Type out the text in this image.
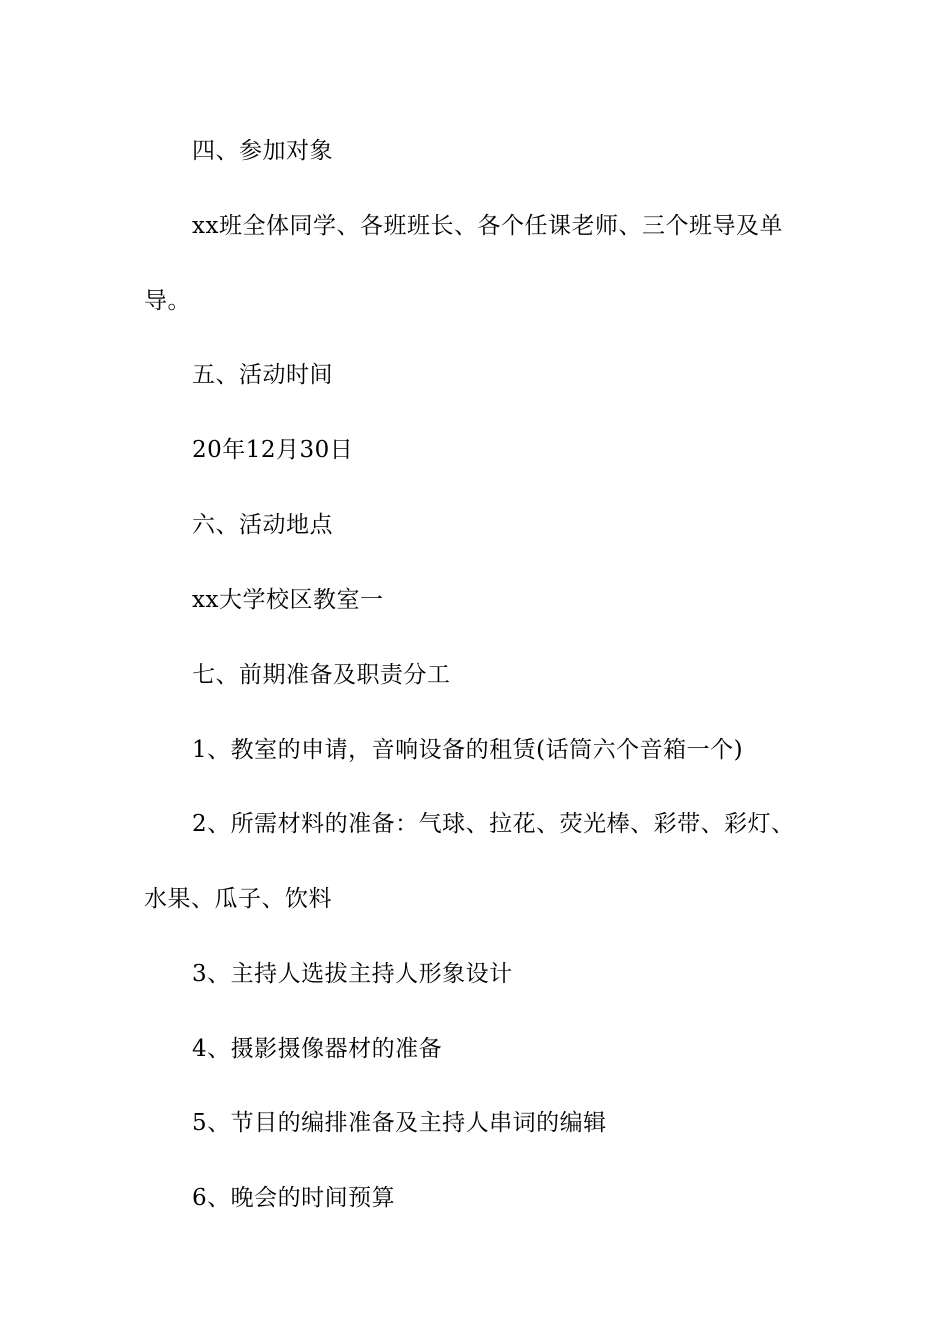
四、参加对象
xx班全体同学、各班班长、各个任课老师、三个班导及单
导。
五、活动时间
20年12月30日
六、活动地点
xx大学校区教室一
七、前期准备及职责分工
1、教室的申请，音响设备的租赁(话筒六个音箱一个)
2、所需材料的准备：气球、拉花、荧光棒、彩带、彩灯、
水果、瓜子、饮料
3、主持人选拔主持人形象设计
4、摄影摄像器材的准备
5、节目的编排准备及主持人串词的编辑
6、晚会的时间预算
